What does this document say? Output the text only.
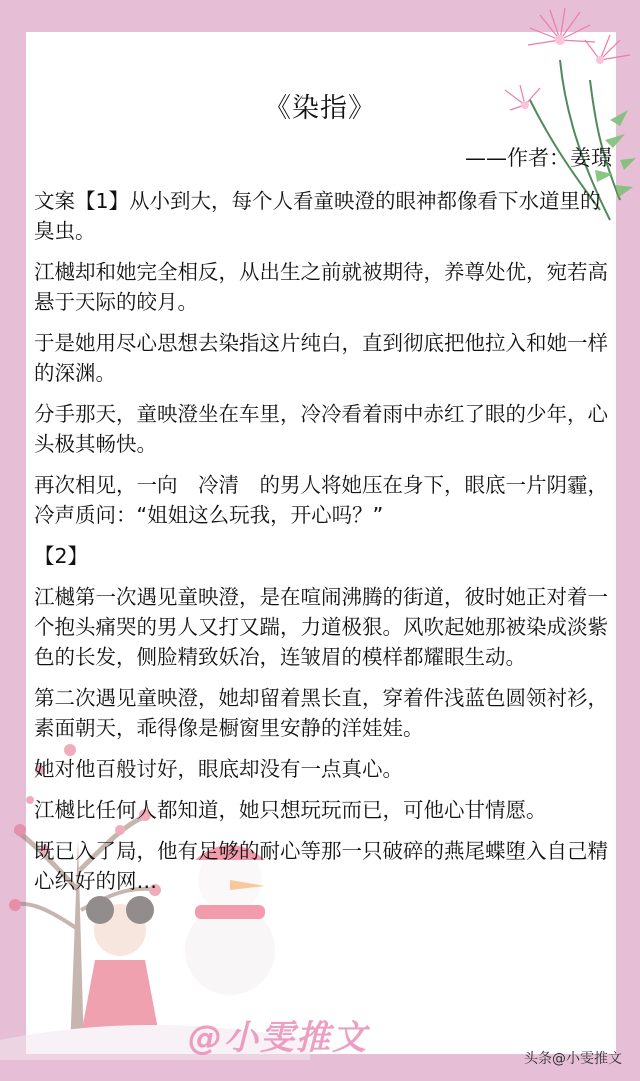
《染指》
——作者：姜璟

文案【1】从小到大，每个人看童映澄的眼神都像看下水道里的臭虫。

江樾却和她完全相反，从出生之前就被期待，养尊处优，宛若高悬于天际的皎月。

于是她用尽心思想去染指这片纯白，直到彻底把他拉入和她一样的深渊。

分手那天，童映澄坐在车里，冷冷看着雨中赤红了眼的少年，心头极其畅快。

再次相见，一向　冷清　的男人将她压在身下，眼底一片阴霾，冷声质问：“姐姐这么玩我，开心吗？”

【2】

江樾第一次遇见童映澄，是在喧闹沸腾的街道，彼时她正对着一个抱头痛哭的男人又打又踹，力道极狠。风吹起她那被染成淡紫色的长发，侧脸精致妖冶，连皱眉的模样都耀眼生动。

第二次遇见童映澄，她却留着黑长直，穿着件浅蓝色圆领衬衫，素面朝天，乖得像是橱窗里安静的洋娃娃。

她对他百般讨好，眼底却没有一点真心。

江樾比任何人都知道，她只想玩玩而已，可他心甘情愿。

既已入了局，他有足够的耐心等那一只破碎的燕尾蝶堕入自己精心织好的网…

@小雯推文
头条@小雯推文
